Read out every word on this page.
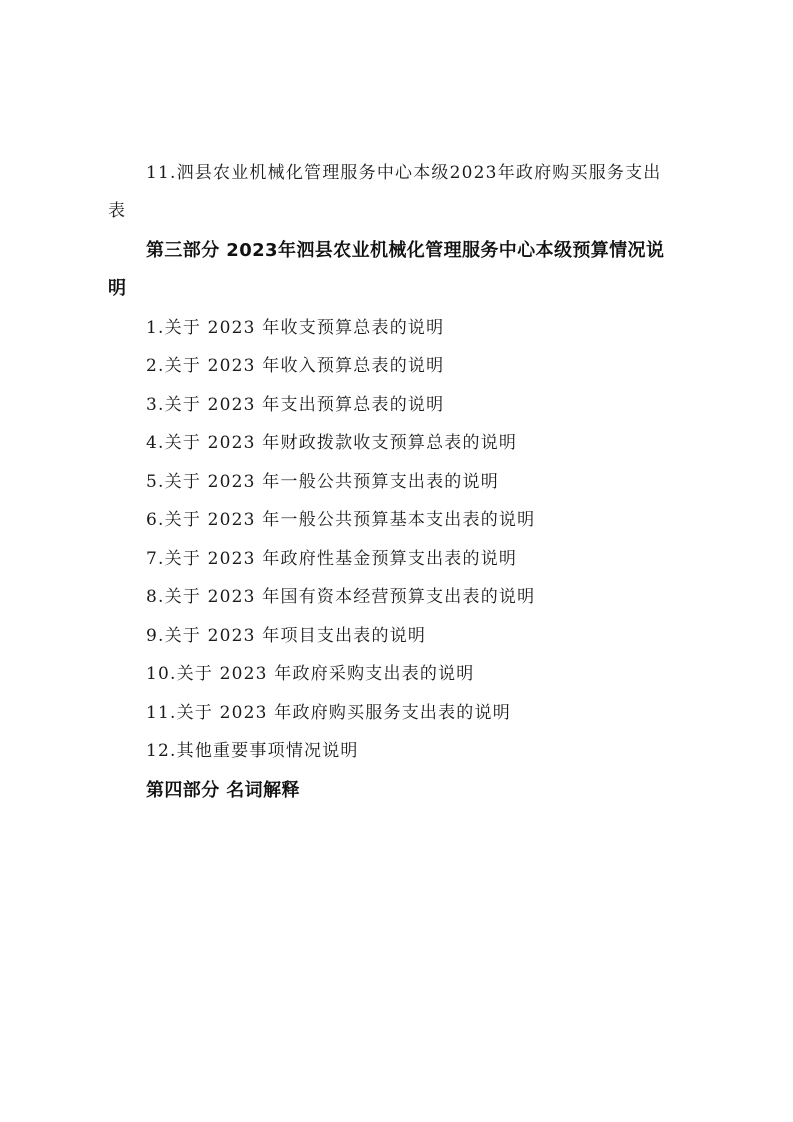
11.泗县农业机械化管理服务中心本级2023年政府购买服务支出
表
第三部分 2023年泗县农业机械化管理服务中心本级预算情况说
明
1.关于 2023 年收支预算总表的说明
2.关于 2023 年收入预算总表的说明
3.关于 2023 年支出预算总表的说明
4.关于 2023 年财政拨款收支预算总表的说明
5.关于 2023 年一般公共预算支出表的说明
6.关于 2023 年一般公共预算基本支出表的说明
7.关于 2023 年政府性基金预算支出表的说明
8.关于 2023 年国有资本经营预算支出表的说明
9.关于 2023 年项目支出表的说明
10.关于 2023 年政府采购支出表的说明
11.关于 2023 年政府购买服务支出表的说明
12.其他重要事项情况说明
第四部分 名词解释
